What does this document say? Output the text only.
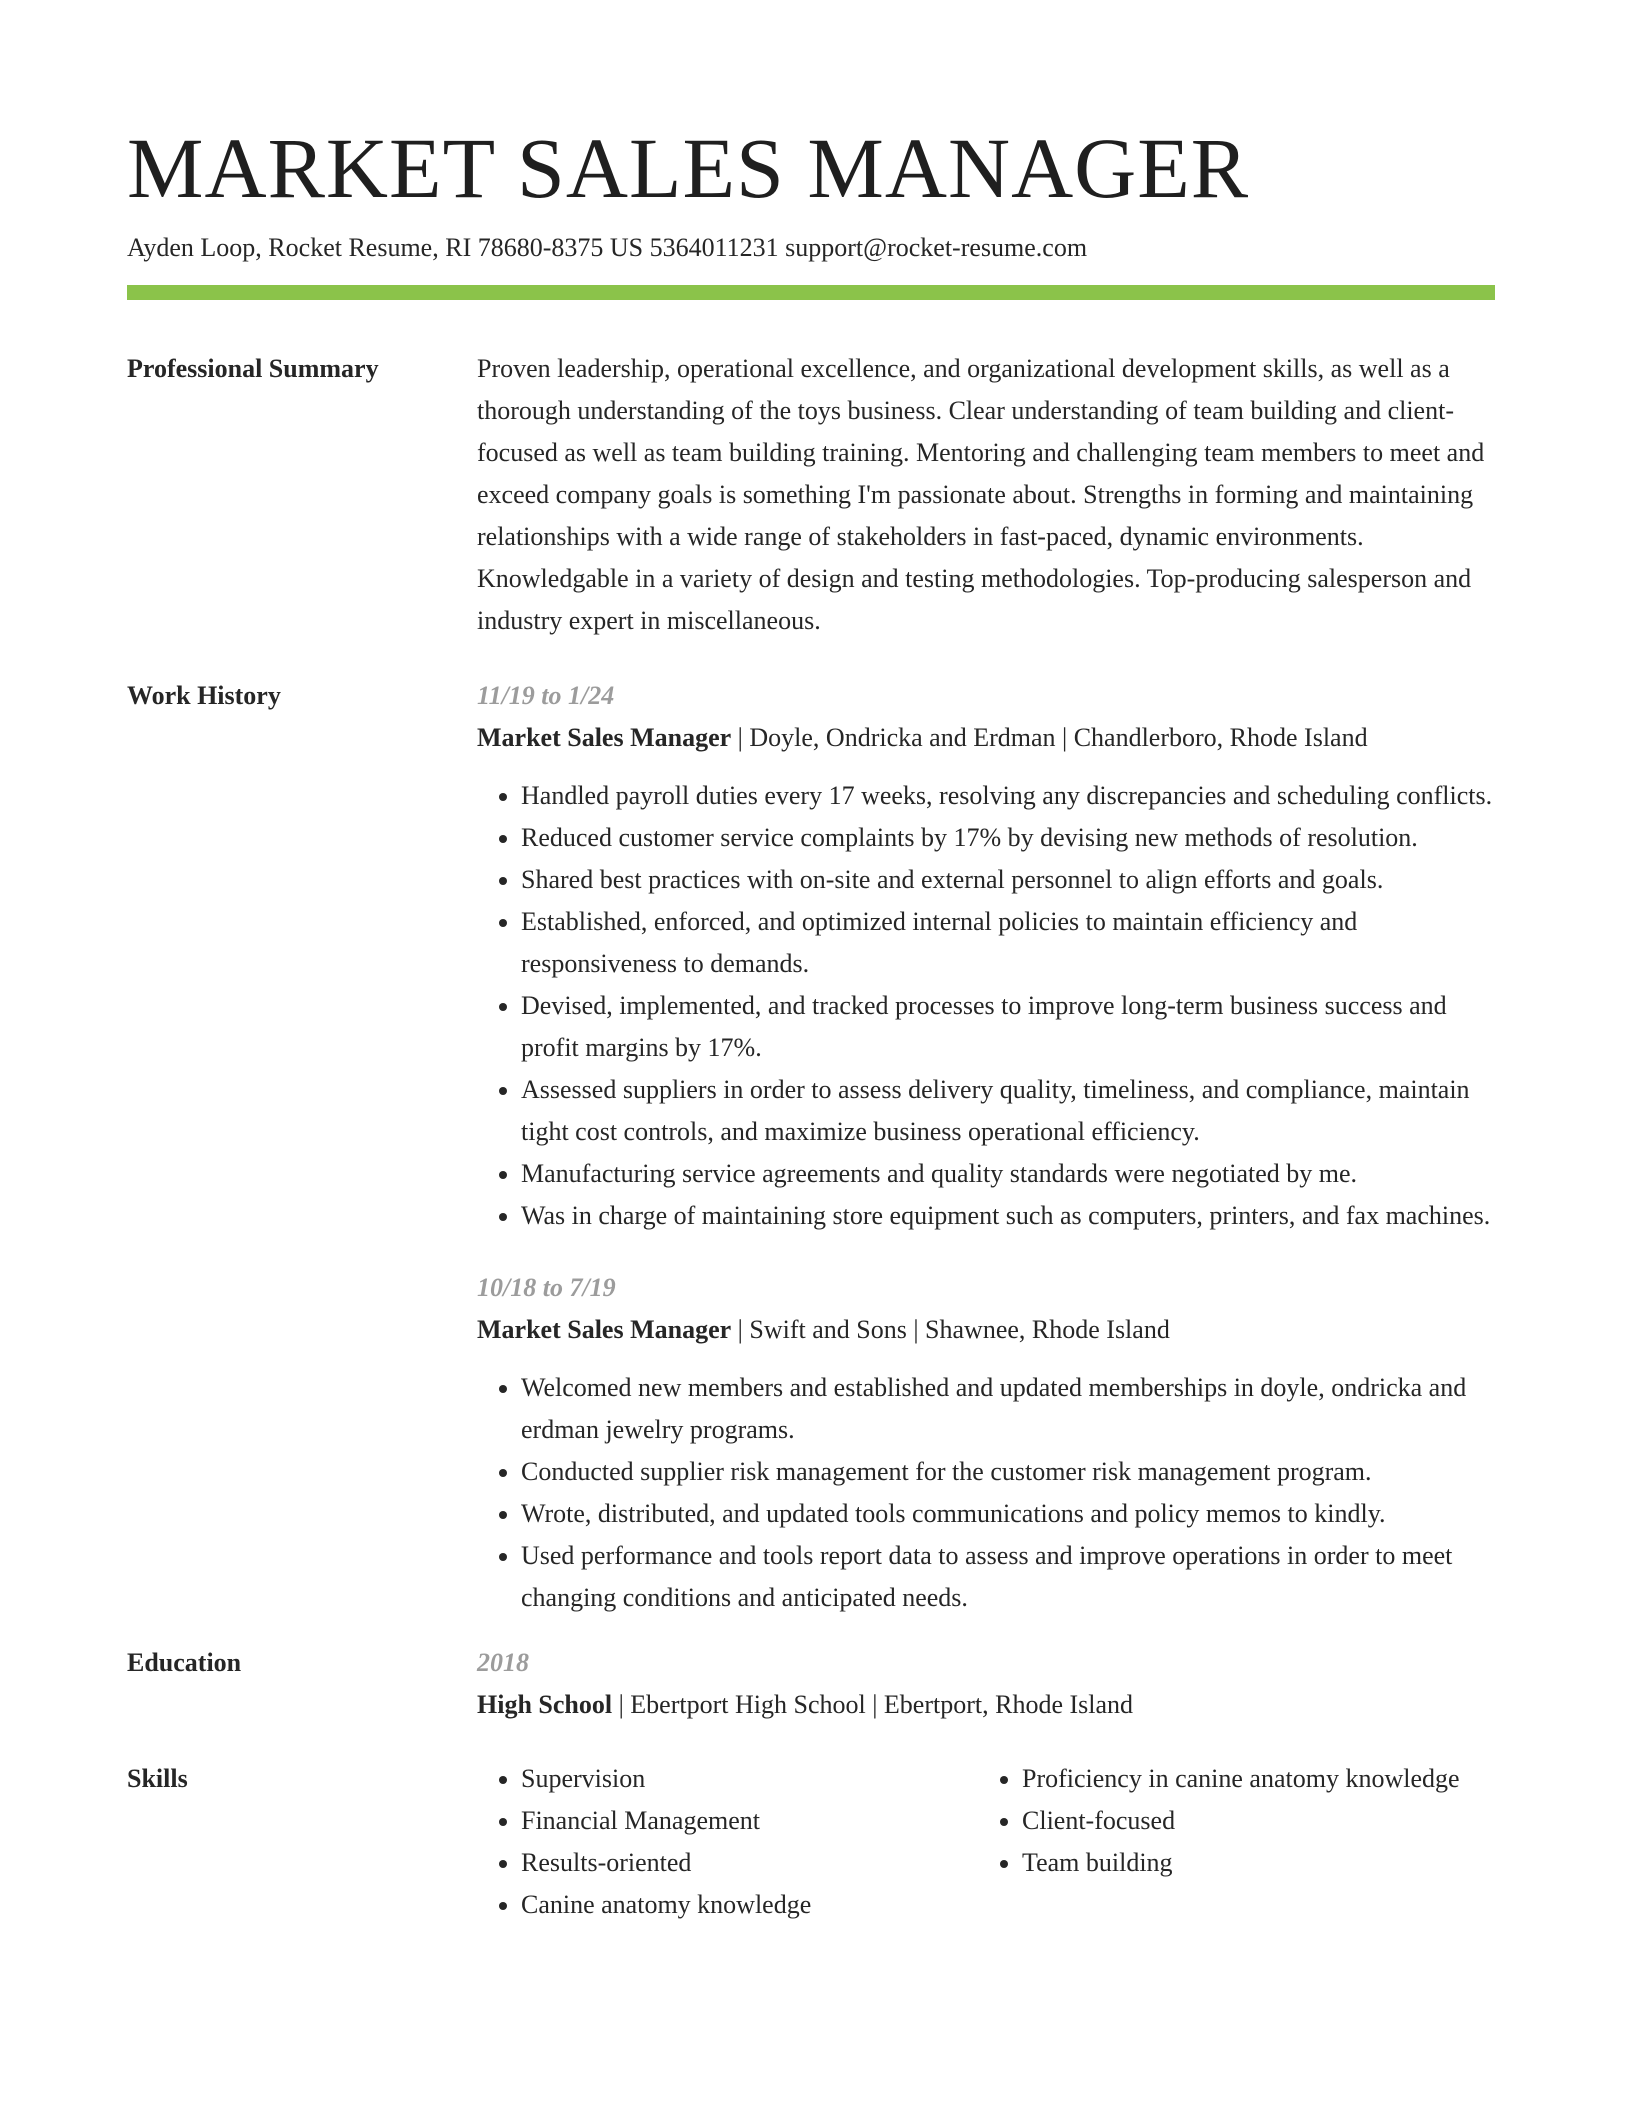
MARKET SALES MANAGER
Ayden Loop, Rocket Resume, RI 78680-8375 US 5364011231 support@rocket-resume.com
Professional Summary	Proven leadership, operational excellence, and organizational development skills, as well as a thorough understanding of the toys business. Clear understanding of team building and client-focused as well as team building training. Mentoring and challenging team members to meet and exceed company goals is something I'm passionate about. Strengths in forming and maintaining relationships with a wide range of stakeholders in fast-paced, dynamic environments. Knowledgable in a variety of design and testing methodologies. Top-producing salesperson and industry expert in miscellaneous.
Work History	11/19 to 1/24
Market Sales Manager | Doyle, Ondricka and Erdman | Chandlerboro, Rhode Island
• Handled payroll duties every 17 weeks, resolving any discrepancies and scheduling conflicts.
• Reduced customer service complaints by 17% by devising new methods of resolution.
• Shared best practices with on-site and external personnel to align efforts and goals.
• Established, enforced, and optimized internal policies to maintain efficiency and responsiveness to demands.
• Devised, implemented, and tracked processes to improve long-term business success and profit margins by 17%.
• Assessed suppliers in order to assess delivery quality, timeliness, and compliance, maintain tight cost controls, and maximize business operational efficiency.
• Manufacturing service agreements and quality standards were negotiated by me.
• Was in charge of maintaining store equipment such as computers, printers, and fax machines.
10/18 to 7/19
Market Sales Manager | Swift and Sons | Shawnee, Rhode Island
• Welcomed new members and established and updated memberships in doyle, ondricka and erdman jewelry programs.
• Conducted supplier risk management for the customer risk management program.
• Wrote, distributed, and updated tools communications and policy memos to kindly.
• Used performance and tools report data to assess and improve operations in order to meet changing conditions and anticipated needs.
Education	2018
High School | Ebertport High School | Ebertport, Rhode Island
Skills
•	Supervision
• Financial Management
• Results-oriented
• Canine anatomy knowledge
• Proficiency in canine anatomy knowledge
• Client-focused
• Team building
